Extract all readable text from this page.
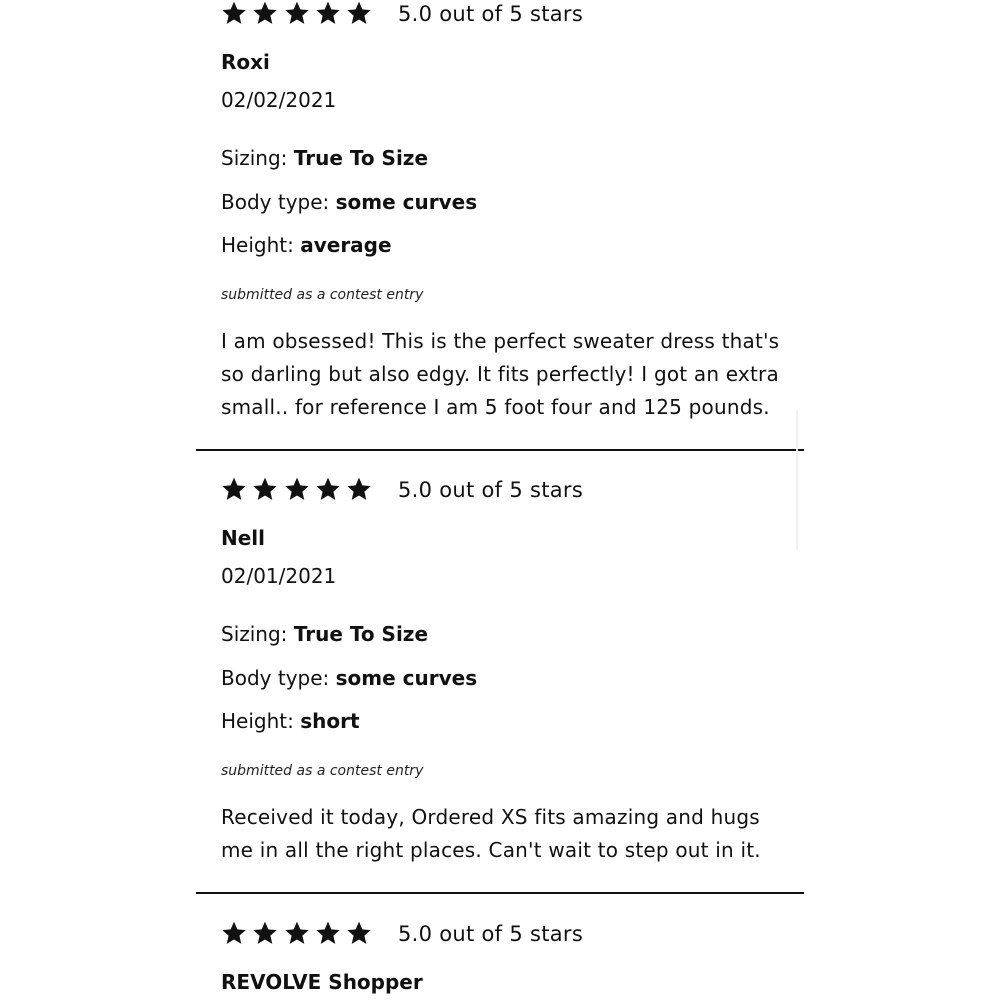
5.0 out of 5 stars
Roxi
02/02/2021
Sizing: True To Size
Body type: some curves
Height: average
submitted as a contest entry
I am obsessed! This is the perfect sweater dress that's so darling but also edgy. It fits perfectly! I got an extra small.. for reference I am 5 foot four and 125 pounds.
5.0 out of 5 stars
Nell
02/01/2021
Sizing: True To Size
Body type: some curves
Height: short
submitted as a contest entry
Received it today, Ordered XS fits amazing and hugs me in all the right places. Can't wait to step out in it.
5.0 out of 5 stars
REVOLVE Shopper
